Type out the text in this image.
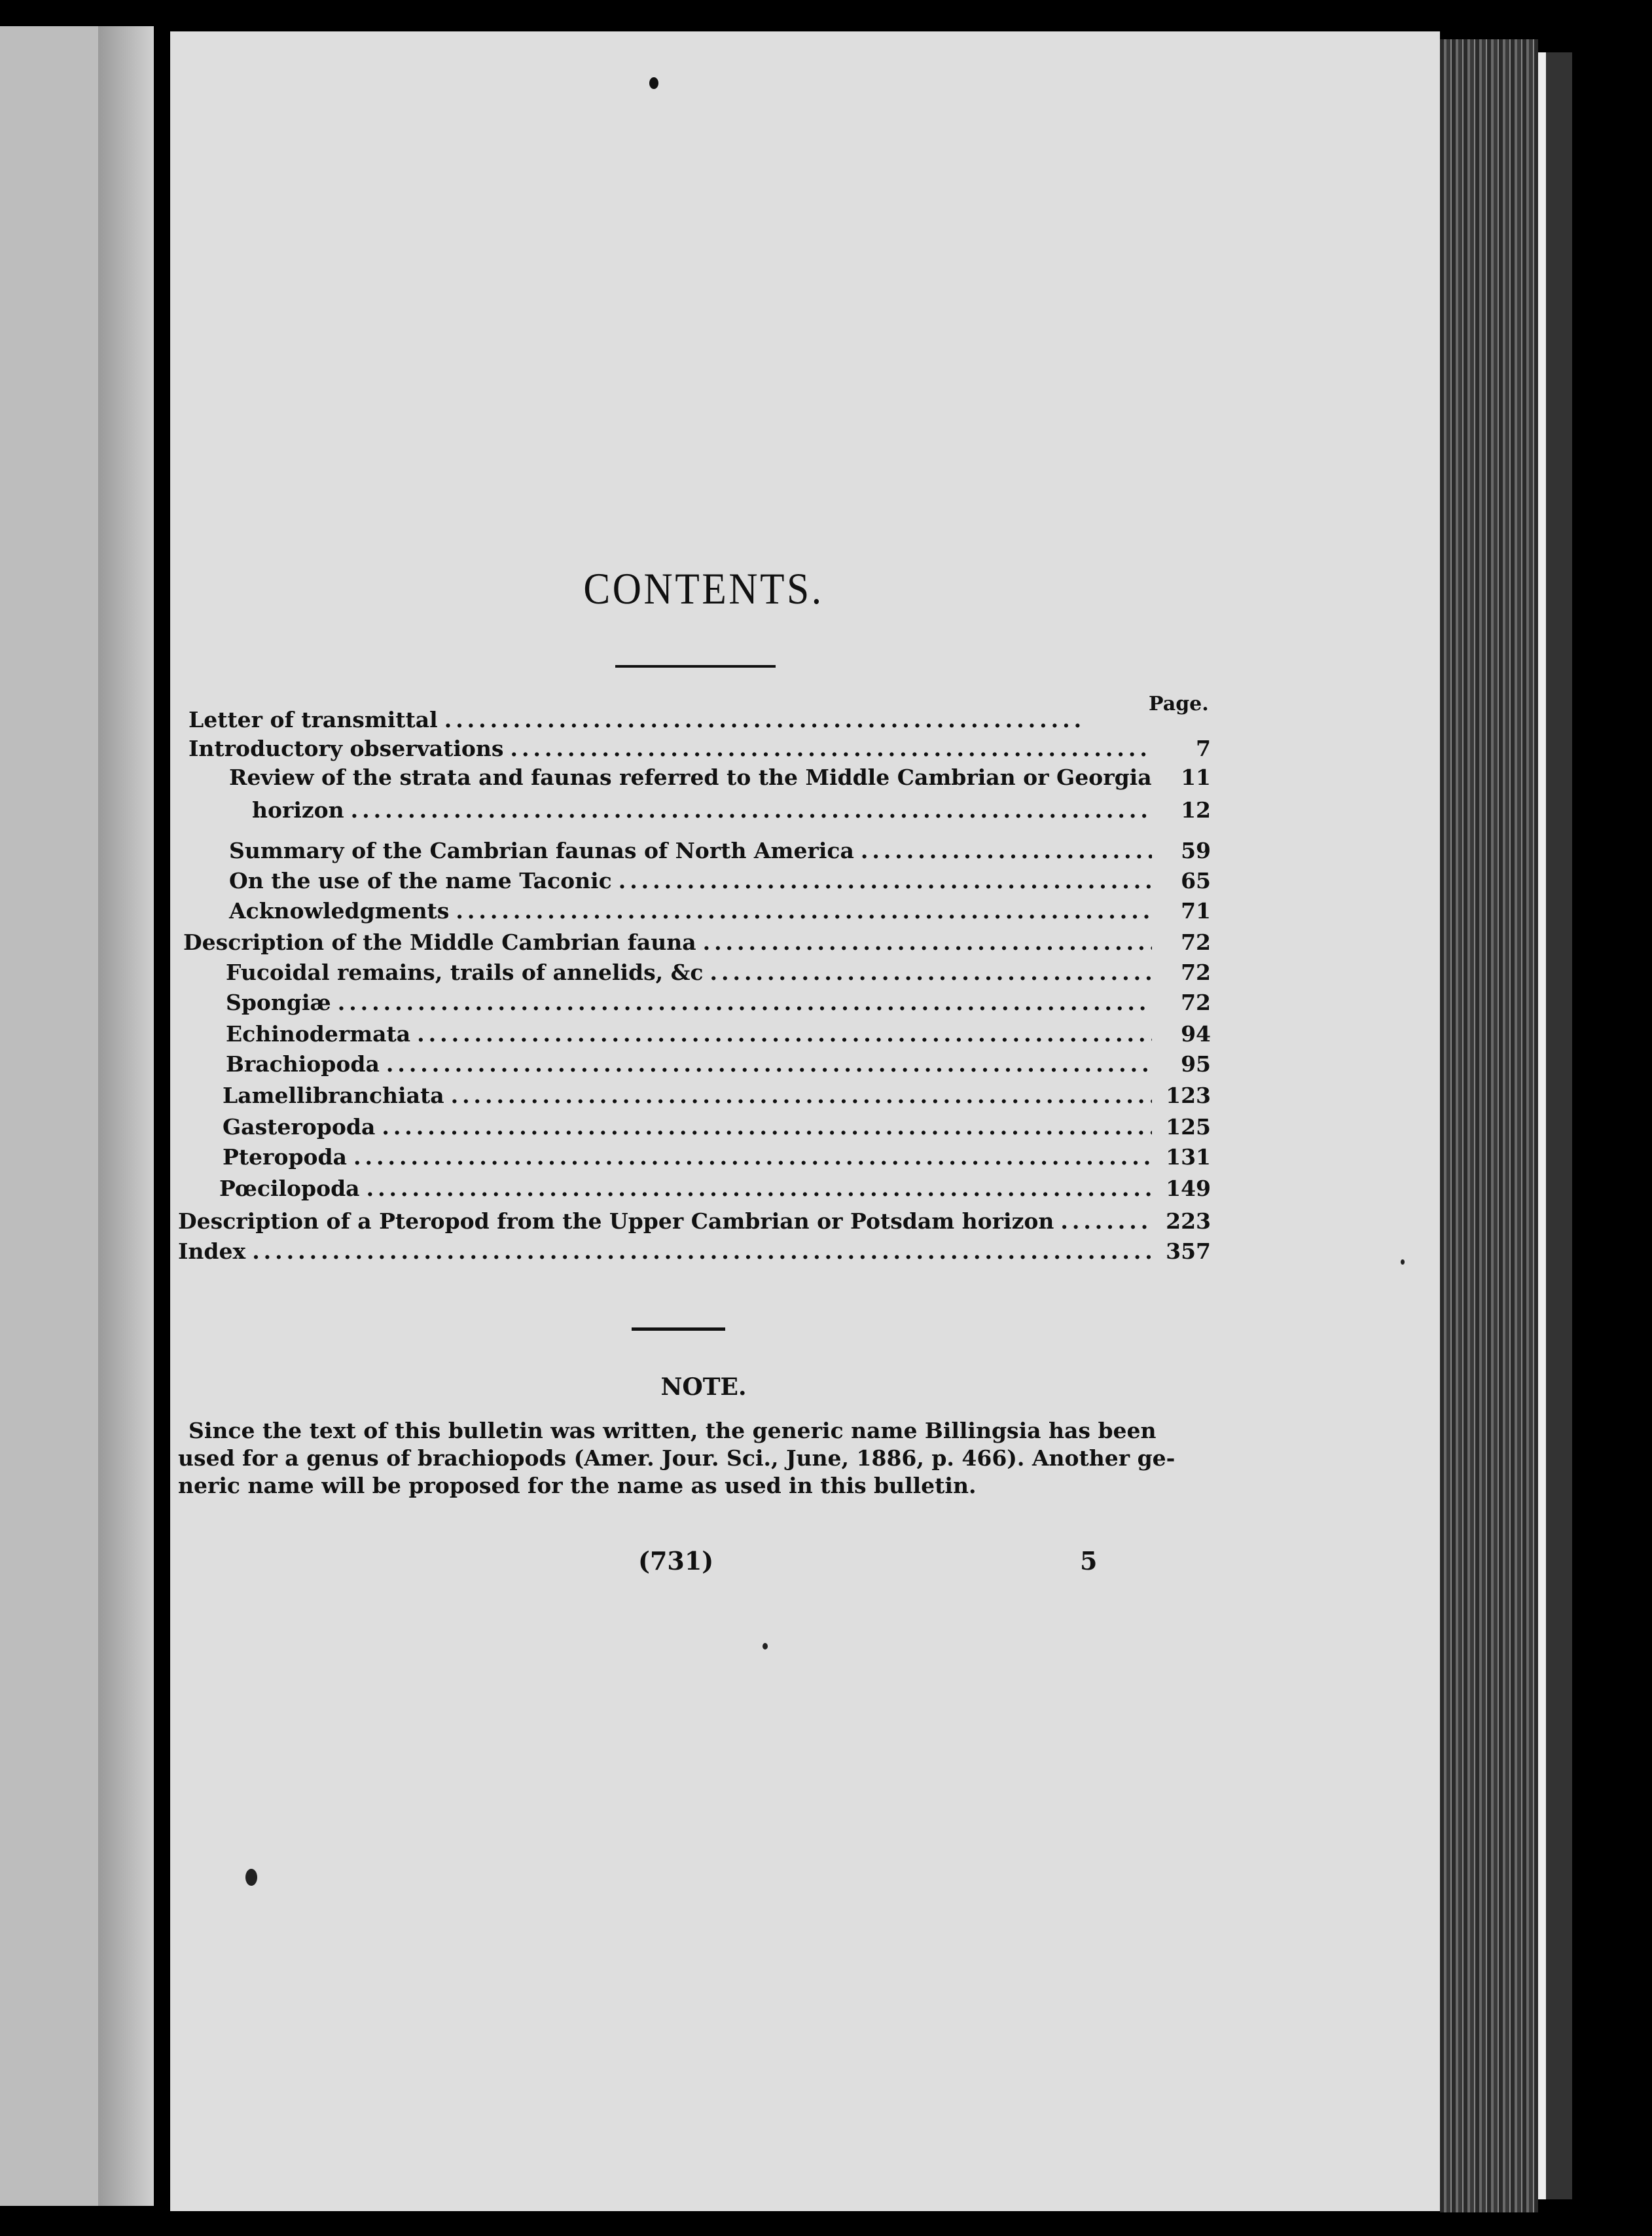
CONTENTS.
Page.
Letter of transmittal
.....
Introductory observations .....	7
Review of the strata and faunas referred to the Middle Cambrian or Georgia	11
horizon .....	12
Summary of the Cambrian faunas of North America .....	59
On the use of the name Taconic .....	65
Acknowledgments .....	71
Description of the Middle Cambrian fauna .....	72
Fucoidal remains, trails of annelids, &c .....	72
Spongiæ .....	72
Echinodermata .....	94
Brachiopoda .....	95
Lamellibranchiata .....	123
Gasteropoda .....	125
Pteropoda .....	131
Pœcilopoda .....	149
Description of a Pteropod from the Upper Cambrian or Potsdam horizon .....	223
Index .....	357
NOTE.
Since the text of this bulletin was written, the generic name Billingsia has been
used for a genus of brachiopods (Amer. Jour. Sci., June, 1886, p. 466). Another ge-
neric name will be proposed for the name as used in this bulletin.
(731)	5
